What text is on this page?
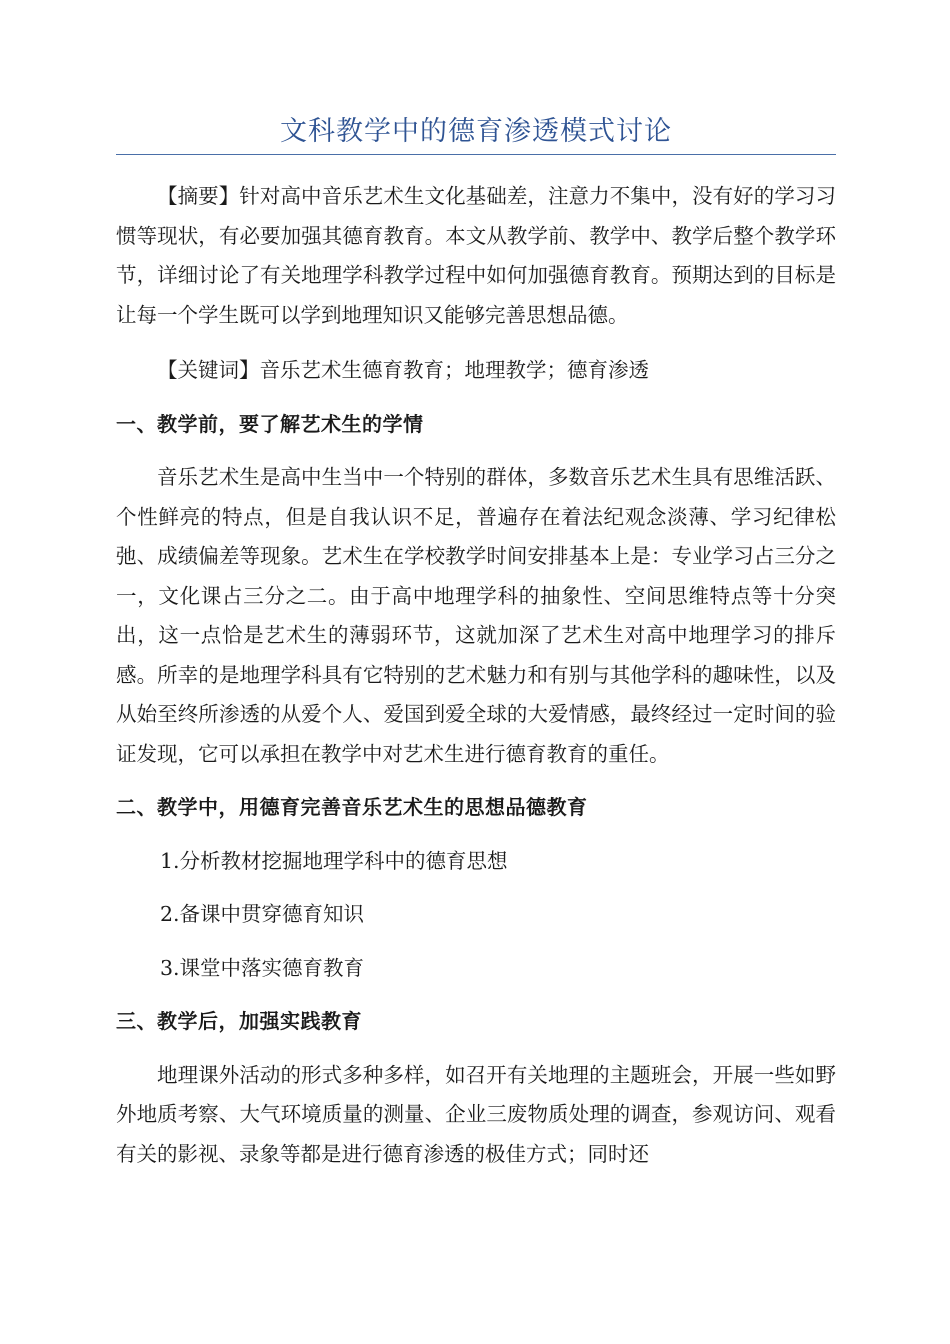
文科教学中的德育渗透模式讨论

【摘要】针对高中音乐艺术生文化基础差，注意力不集中，没有好的学习习惯等现状，有必要加强其德育教育。本文从教学前、教学中、教学后整个教学环节，详细讨论了有关地理学科教学过程中如何加强德育教育。预期达到的目标是让每一个学生既可以学到地理知识又能够完善思想品德。

【关键词】音乐艺术生德育教育；地理教学；德育渗透

一、教学前，要了解艺术生的学情

音乐艺术生是高中生当中一个特别的群体，多数音乐艺术生具有思维活跃、个性鲜亮的特点，但是自我认识不足，普遍存在着法纪观念淡薄、学习纪律松弛、成绩偏差等现象。艺术生在学校教学时间安排基本上是：专业学习占三分之一，文化课占三分之二。由于高中地理学科的抽象性、空间思维特点等十分突出，这一点恰是艺术生的薄弱环节，这就加深了艺术生对高中地理学习的排斥感。所幸的是地理学科具有它特别的艺术魅力和有别与其他学科的趣味性，以及从始至终所渗透的从爱个人、爱国到爱全球的大爱情感，最终经过一定时间的验证发现，它可以承担在教学中对艺术生进行德育教育的重任。

二、教学中，用德育完善音乐艺术生的思想品德教育
1.分析教材挖掘地理学科中的德育思想
2.备课中贯穿德育知识
3.课堂中落实德育教育
三、教学后，加强实践教育

地理课外活动的形式多种多样，如召开有关地理的主题班会，开展一些如野外地质考察、大气环境质量的测量、企业三废物质处理的调查，参观访问、观看有关的影视、录象等都是进行德育渗透的极佳方式；同时还
